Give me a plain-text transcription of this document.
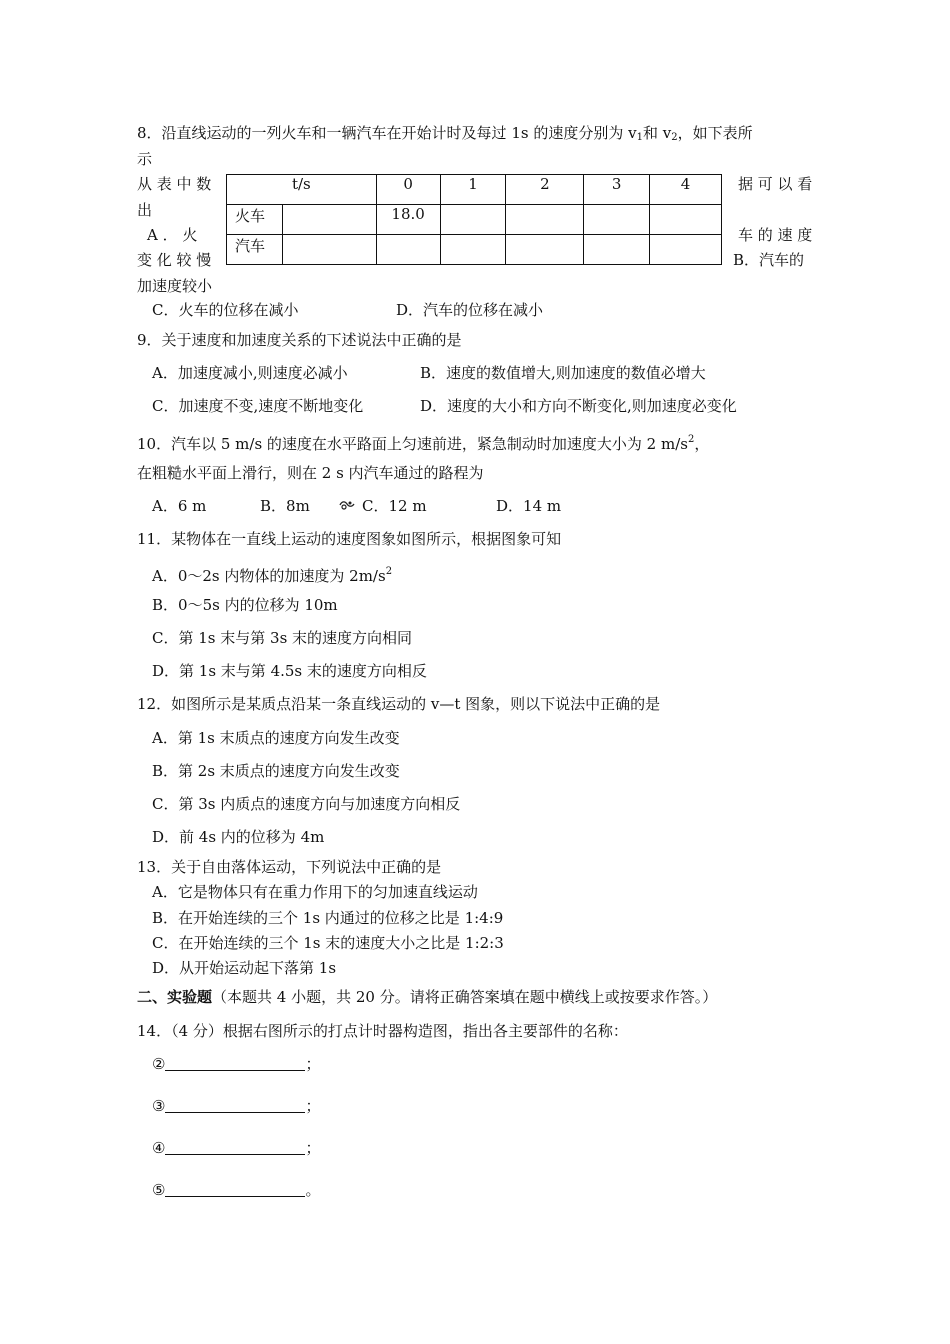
8．沿直线运动的一列火车和一辆汽车在开始计时及每过 1s 的速度分别为 $v_1$和 $v_2$，如下表所
示
从 表 中 数
出
A ． 火
变 化 较 慢
加速度较小
据 可 以 看
车 的 速 度
B．汽车的
t/s		0	1	2	3	4
火车		18.0				
汽车						
C．火车的位移在减小	D．汽车的位移在减小
9．关于速度和加速度关系的下述说法中正确的是
A．加速度减小,则速度必减小	B．速度的数值增大,则加速度的数值必增大
C．加速度不变,速度不断地变化	D．速度的大小和方向不断变化,则加速度必变化
10．汽车以 5 m/s 的速度在水平路面上匀速前进，紧急制动时加速度大小为 2 $m/s^2$，
在粗糙水平面上滑行，则在 2 s 内汽车通过的路程为
A．6 m	B．8m	C．12 m	D．14 m
11．某物体在一直线上运动的速度图象如图所示，根据图象可知
A．0～2s 内物体的加速度为 $2m/s^2$
B．0～5s 内的位移为 10m
C．第 1s 末与第 3s 末的速度方向相同
D．第 1s 末与第 4.5s 末的速度方向相反
12．如图所示是某质点沿某一条直线运动的 v—t 图象，则以下说法中正确的是
A．第 1s 末质点的速度方向发生改变
B．第 2s 末质点的速度方向发生改变
C．第 3s 内质点的速度方向与加速度方向相反
D．前 4s 内的位移为 4m
13．关于自由落体运动，下列说法中正确的是
A．它是物体只有在重力作用下的匀加速直线运动
B．在开始连续的三个 1s 内通过的位移之比是 1:4:9
C．在开始连续的三个 1s 末的速度大小之比是 1:2:3
D．从开始运动起下落第 1s
二、实验题（本题共 4 小题，共 20 分。请将正确答案填在题中横线上或按要求作答。）
14．（4 分）根据右图所示的打点计时器构造图，指出各主要部件的名称：
②	；
③	；
④	；
⑤	。
